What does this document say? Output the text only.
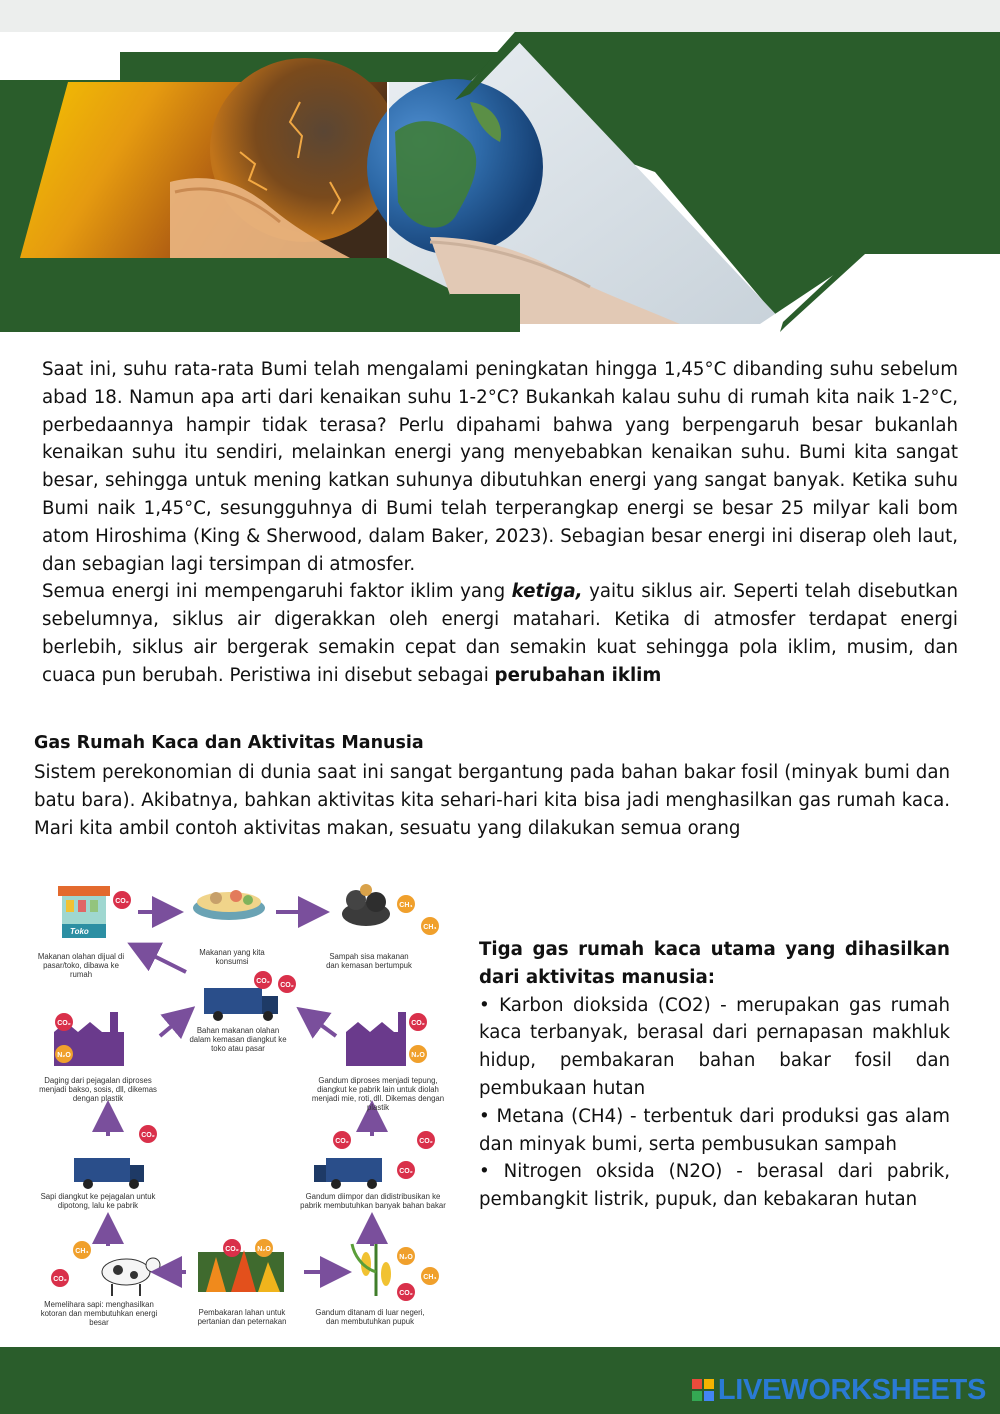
Saat ini, suhu rata-rata Bumi telah mengalami peningkatan hingga 1,45°C dibanding suhu sebelum abad 18. Namun apa arti dari kenaikan suhu 1-2°C? Bukankah kalau suhu di rumah kita naik 1-2°C, perbedaannya hampir tidak terasa? Perlu dipahami bahwa yang berpengaruh besar bukanlah kenaikan suhu itu sendiri, melainkan energi yang menyebabkan kenaikan suhu. Bumi kita sangat besar, sehingga untuk mening katkan suhunya dibutuhkan energi yang sangat banyak. Ketika suhu Bumi naik 1,45°C, sesungguhnya di Bumi telah terperangkap energi se besar 25 milyar kali bom atom Hiroshima (King & Sherwood, dalam Baker, 2023). Sebagian besar energi ini diserap oleh laut, dan sebagian lagi tersimpan di atmosfer.

Semua energi ini mempengaruhi faktor iklim yang ketiga, yaitu siklus air. Seperti telah disebutkan sebelumnya, siklus air digerakkan oleh energi matahari. Ketika di atmosfer terdapat energi berlebih, siklus air bergerak semakin cepat dan semakin kuat sehingga pola iklim, musim, dan cuaca pun berubah. Peristiwa ini disebut sebagai perubahan iklim

Gas Rumah Kaca dan Aktivitas Manusia
Sistem perekonomian di dunia saat ini sangat bergantung pada bahan bakar fosil (minyak bumi dan batu bara). Akibatnya, bahkan aktivitas kita sehari-hari kita bisa jadi menghasilkan gas rumah kaca. Mari kita ambil contoh aktivitas makan, sesuatu yang dilakukan semua orang
Toko
CO₂
CH₄
CH₄
CO₂
CO₂
CO₂
N₂O
CO₂
N₂O
CO₂
CO₂	CO₂
CO₂
CH₄
CO₂
CO₂	N₂O
N₂O
CH₄
CO₂
Makanan olahan dijual di pasar/toko, dibawa ke rumah
Makanan yang kita konsumsi
Sampah sisa makanan dan kemasan bertumpuk
Bahan makanan olahan dalam kemasan diangkut ke toko atau pasar
Daging dari pejagalan diproses menjadi bakso, sosis, dll, dikemas dengan plastik
Gandum diproses menjadi tepung, diangkut ke pabrik lain untuk diolah menjadi mie, roti, dll. Dikemas dengan plastik
Sapi diangkut ke pejagalan untuk dipotong, lalu ke pabrik
Gandum diimpor dan didistribusikan ke pabrik membutuhkan banyak bahan bakar
Memelihara sapi: menghasilkan kotoran dan membutuhkan energi besar
Pembakaran lahan untuk pertanian dan peternakan
Gandum ditanam di luar negeri, dan membutuhkan pupuk

Tiga gas rumah kaca utama yang dihasilkan dari aktivitas manusia:

• Karbon dioksida (CO2) - merupakan gas rumah kaca terbanyak, berasal dari pernapasan makhluk hidup, pembakaran bahan bakar fosil dan pembukaan hutan

• Metana (CH4) - terbentuk dari produksi gas alam dan minyak bumi, serta pembusukan sampah

• Nitrogen oksida (N2O) - berasal dari pabrik, pembangkit listrik, pupuk, dan kebakaran hutan

LIVEWORKSHEETS
